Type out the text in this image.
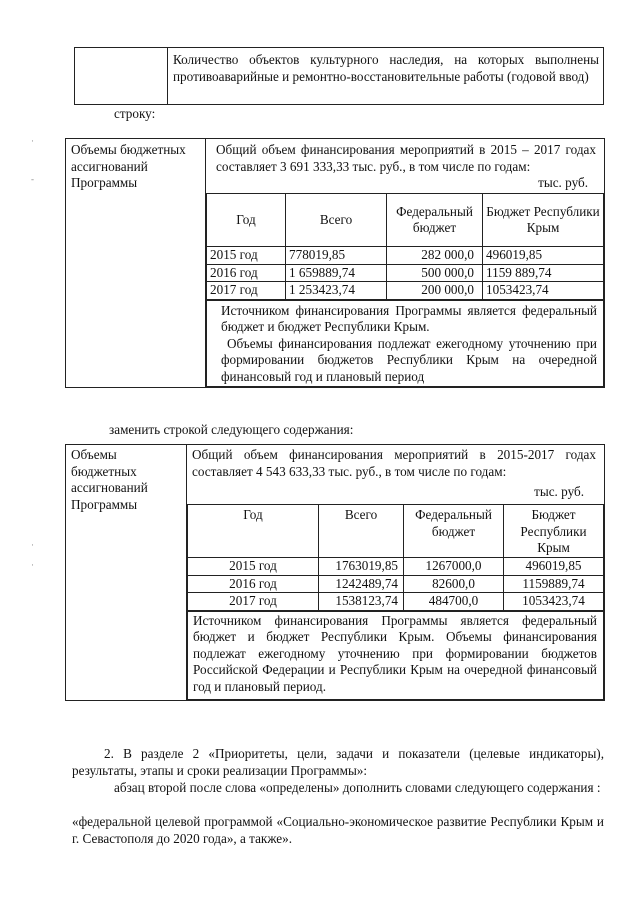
·
-
·
·
	Количество объектов культурного наследия, на которых выполнены противоаварийные и ремонтно-восстановительные работы (годовой ввод)
строку:
Объемы бюджетных ассигнований Программы	
Общий объем финансирования мероприятий в 2015 – 2017 годах составляет 3 691 333,33 тыс. руб., в том числе по годам:
тыс. руб.
Год	Всего	Федеральный бюджет	Бюджет Республики Крым
2015 год	778019,85	282 000,0	496019,85
2016 год	1 659889,74	500 000,0	1159 889,74
2017 год	1 253423,74	200 000,0	1053423,74
Источником финансирования Программы является федеральный бюджет и бюджет Республики Крым.
Объемы финансирования подлежат ежегодному уточнению при формировании бюджетов Республики Крым на очередной финансовый год и плановый период
заменить строкой следующего содержания:
Объемы бюджетных ассигнований Программы	
Общий объем финансирования мероприятий в 2015-2017 годах составляет 4 543 633,33 тыс. руб., в том числе по годам:
тыс. руб.
Год	Всего	Федеральный бюджет	Бюджет Республики Крым
2015 год	1763019,85	1267000,0	496019,85
2016 год	1242489,74	82600,0	1159889,74
2017 год	1538123,74	484700,0	1053423,74
Источником финансирования Программы является федеральный бюджет и бюджет Республики Крым. Объемы финансирования подлежат ежегодному уточнению при формировании бюджетов Российской Федерации и Республики Крым на очередной финансовый год и плановый период.
2. В разделе 2 «Приоритеты, цели, задачи и показатели (целевые индикаторы), результаты, этапы и сроки реализации Программы»:
абзац второй после слова «определены» дополнить словами следующего содержания :
«федеральной целевой программой «Социально-экономическое развитие Республики Крым и г. Севастополя до 2020 года», а также».
